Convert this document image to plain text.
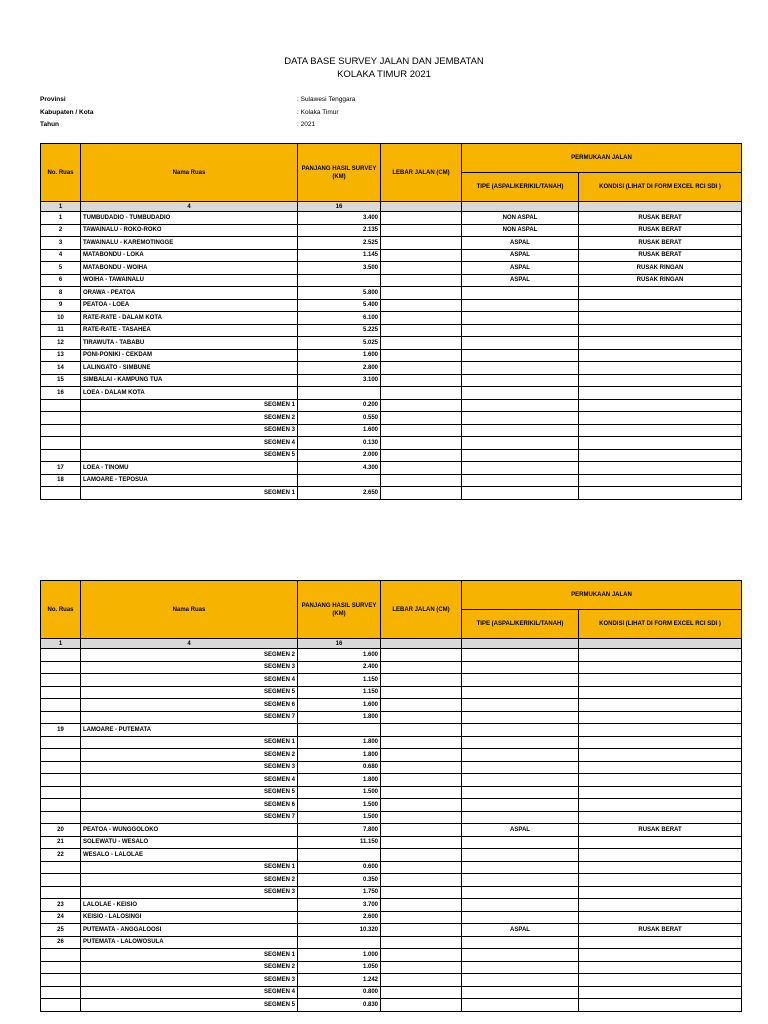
DATA BASE SURVEY JALAN DAN JEMBATAN
KOLAKA TIMUR 2021
Provinsi	: Sulawesi Tenggara
Kabupaten / Kota	: Kolaka Timur
Tahun	: 2021
No. Ruas	Nama Ruas	PANJANG HASIL SURVEY (KM)	LEBAR JALAN (CM)	PERMUKAAN JALAN	
				TIPE (ASPAL/KERIKIL/TANAH)	KONDISI (LIHAT DI FORM EXCEL RCI SDI )
1	4	16			
1	TUMBUDADIO - TUMBUDADIO	3.400		NON ASPAL	RUSAK BERAT
2	TAWAINALU - ROKO-ROKO	2.135		NON ASPAL	RUSAK BERAT
3	TAWAINALU - KAREMOTINGGE	2.525		ASPAL	RUSAK BERAT
4	MATABONDU - LOKA	1.145		ASPAL	RUSAK BERAT
5	MATABONDU - WOIHA	3.500		ASPAL	RUSAK RINGAN
6	WOIHA - TAWAINALU			ASPAL	RUSAK RINGAN
8	ORAWA - PEATOA	5.800			
9	PEATOA - LOEA	5.400			
10	RATE-RATE - DALAM KOTA	6.100			
11	RATE-RATE - TASAHEA	5.225			
12	TIRAWUTA - TABABU	5.025			
13	PONI-PONIKI - CEKDAM	1.600			
14	LALINGATO - SIMBUNE	2.800			
15	SIMBALAI - KAMPUNG TUA	3.100			
16	LOEA - DALAM KOTA				
	SEGMEN 1	0.200			
	SEGMEN 2	0.550			
	SEGMEN 3	1.600			
	SEGMEN 4	0.130			
	SEGMEN 5	2.000			
17	LOEA - TINOMU	4.300			
18	LAMOARE - TEPOSUA				
	SEGMEN 1	2.650			
No. Ruas	Nama Ruas	PANJANG HASIL SURVEY (KM)	LEBAR JALAN (CM)	PERMUKAAN JALAN	
				TIPE (ASPAL/KERIKIL/TANAH)	KONDISI (LIHAT DI FORM EXCEL RCI SDI )
1	4	16			
	SEGMEN 2	1.600			
	SEGMEN 3	2.400			
	SEGMEN 4	1.150			
	SEGMEN 5	1.150			
	SEGMEN 6	1.600			
	SEGMEN 7	1.800			
19	LAMOARE - PUTEMATA				
	SEGMEN 1	1.800			
	SEGMEN 2	1.800			
	SEGMEN 3	0.680			
	SEGMEN 4	1.800			
	SEGMEN 5	1.500			
	SEGMEN 6	1.500			
	SEGMEN 7	1.500			
20	PEATOA - WUNGGOLOKO	7.800		ASPAL	RUSAK BERAT
21	SOLEWATU - WESALO	11.150			
22	WESALO - LALOLAE				
	SEGMEN 1	0.600			
	SEGMEN 2	0.350			
	SEGMEN 3	1.750			
23	LALOLAE - KEISIO	3.700			
24	KEISIO - LALOSINGI	2.600			
25	PUTEMATA - ANGGALOOSI	10.320		ASPAL	RUSAK BERAT
26	PUTEMATA - LALOWOSULA				
	SEGMEN 1	1.000			
	SEGMEN 2	1.050			
	SEGMEN 3	1.242			
	SEGMEN 4	0.800			
	SEGMEN 5	0.830			
